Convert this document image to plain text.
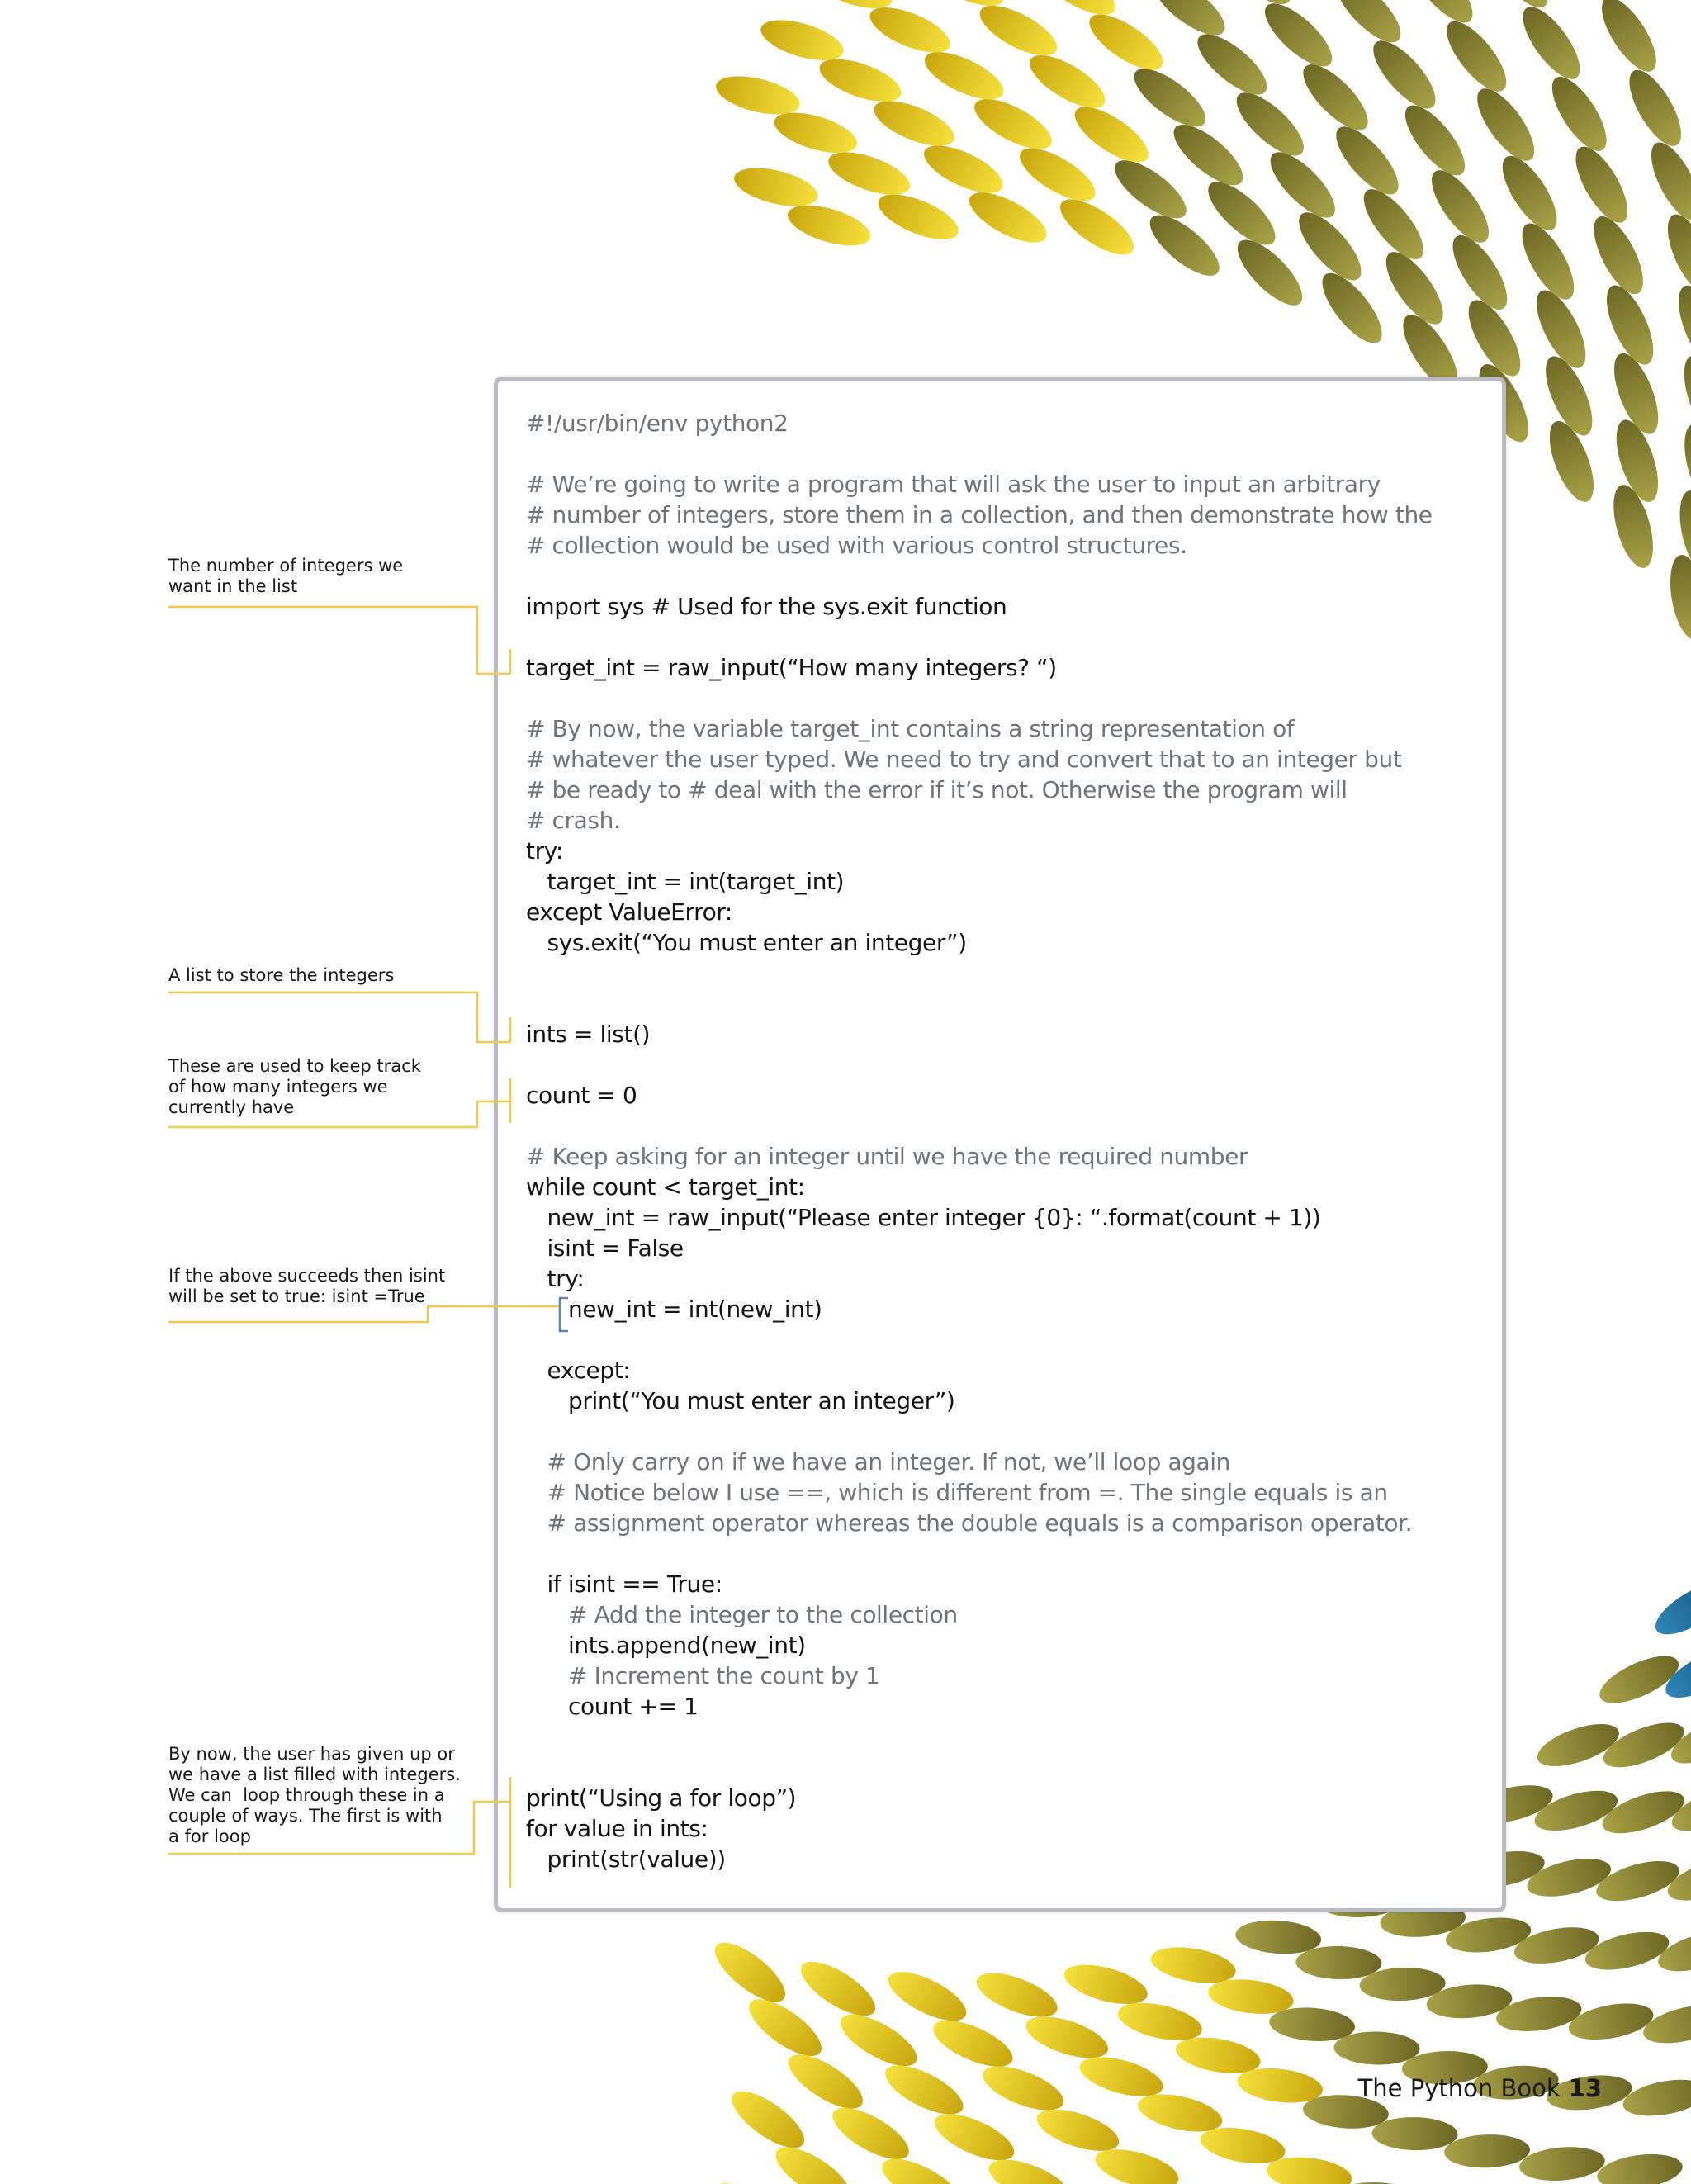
#!/usr/bin/env python2
# We’re going to write a program that will ask the user to input an arbitrary
# number of integers, store them in a collection, and then demonstrate how the
# collection would be used with various control structures.
import sys # Used for the sys.exit function
target_int = raw_input(“How many integers? “)
# By now, the variable target_int contains a string representation of
# whatever the user typed. We need to try and convert that to an integer but
# be ready to # deal with the error if it’s not. Otherwise the program will
# crash.
try:
target_int = int(target_int)
except ValueError:
sys.exit(“You must enter an integer”)
ints = list()
count = 0
# Keep asking for an integer until we have the required number
while count < target_int:
new_int = raw_input(“Please enter integer {0}: “.format(count + 1))
isint = False
try:
new_int = int(new_int)
except:
print(“You must enter an integer”)
# Only carry on if we have an integer. If not, we’ll loop again
# Notice below I use ==, which is different from =. The single equals is an
# assignment operator whereas the double equals is a comparison operator.
if isint == True:
# Add the integer to the collection
ints.append(new_int)
# Increment the count by 1
count += 1
print(“Using a for loop”)
for value in ints:
print(str(value))
The number of integers we
want in the list
A list to store the integers
These are used to keep track
of how many integers we
currently have
If the above succeeds then isint
will be set to true: isint =True
By now, the user has given up or
we have a list filled with integers.
We can  loop through these in a
couple of ways. The first is with
a for loop
The Python Book 13
